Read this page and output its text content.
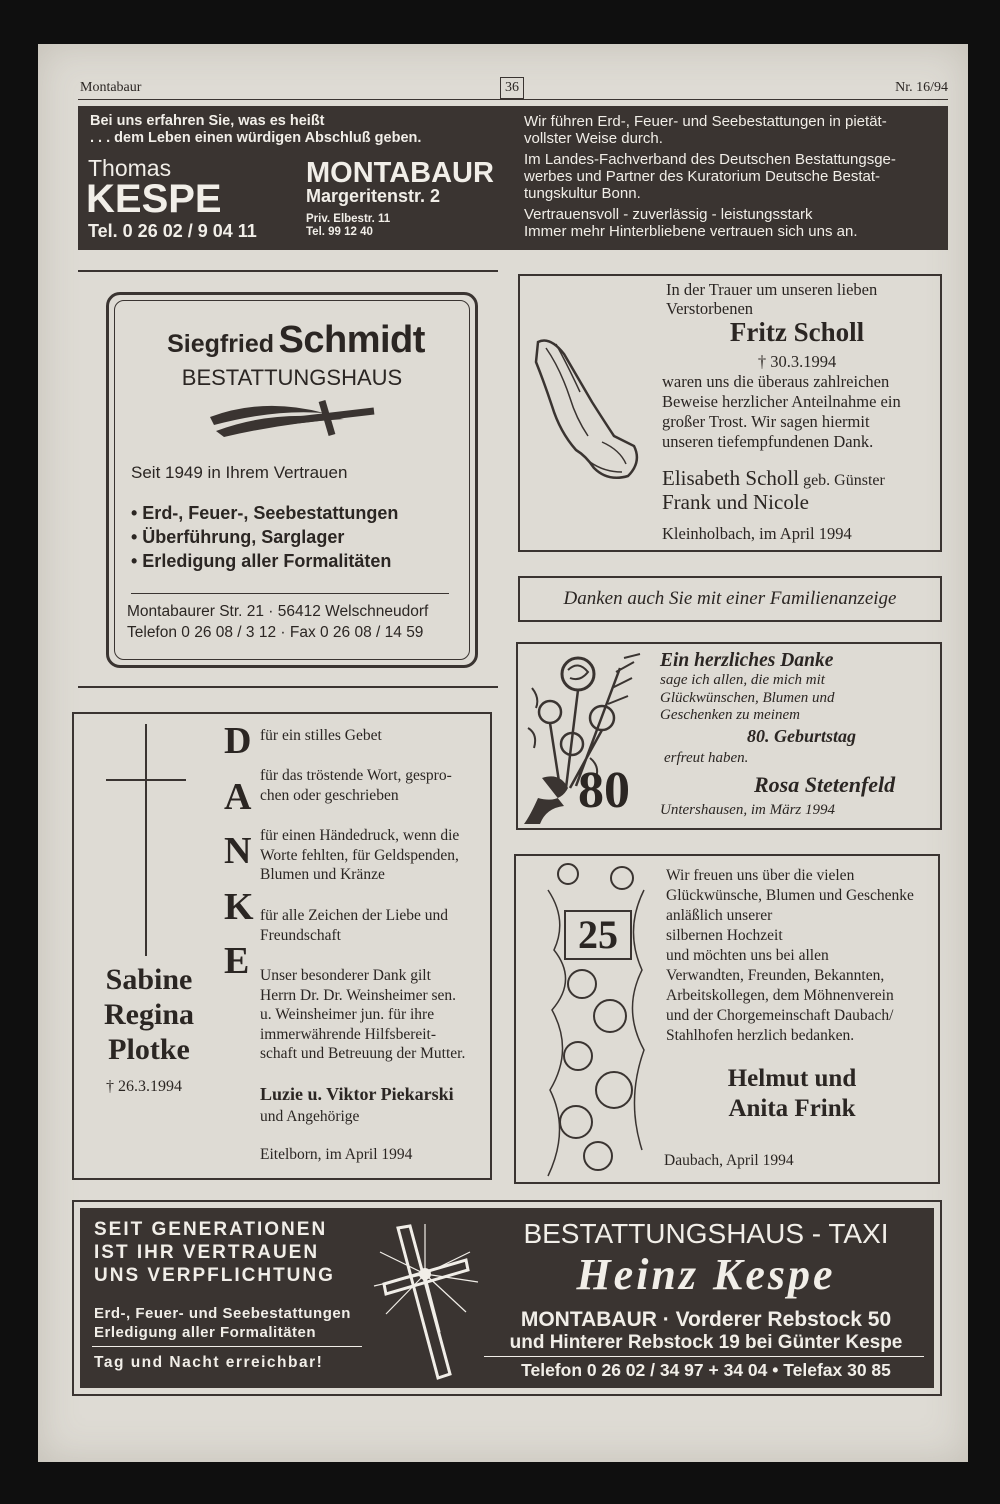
Montabaur	36	Nr. 16/94
Bei uns erfahren Sie, was es heißt
. . . dem Leben einen würdigen Abschluß geben.
Thomas
KESPE
Tel. 0 26 02 / 9 04 11
MONTABAUR
Margeritenstr. 2
Priv. Elbestr. 11
Tel. 99 12 40
Wir führen Erd-, Feuer- und Seebestattungen in pietät-
vollster Weise durch.
Im Landes-Fachverband des Deutschen Bestattungsge-
werbes und Partner des Kuratorium Deutsche Bestat-
tungskultur Bonn.
Vertrauensvoll - zuverlässig - leistungsstark
Immer mehr Hinterbliebene vertrauen sich uns an.
Siegfried Schmidt
BESTATTUNGSHAUS
Seit 1949 in Ihrem Vertrauen
• Erd-, Feuer-, Seebestattungen
• Überführung, Sarglager
• Erledigung aller Formalitäten
Montabaurer Str. 21 · 56412 Welschneudorf
Telefon 0 26 08 / 3 12 · Fax 0 26 08 / 14 59
In der Trauer um unseren lieben
Verstorbenen
Fritz Scholl
† 30.3.1994
waren uns die überaus zahlreichen
Beweise herzlicher Anteilnahme ein
großer Trost. Wir sagen hiermit
unseren tiefempfundenen Dank.
Elisabeth Scholl geb. Günster
Frank und Nicole
Kleinholbach, im April 1994
Danken auch Sie mit einer Familienanzeige
80
Ein herzliches Danke
sage ich allen, die mich mit
Glückwünschen, Blumen und
Geschenken zu meinem
80. Geburtstag
erfreut haben.
Rosa Stetenfeld
Untershausen, im März 1994
Sabine
Regina
Plotke
† 26.3.1994
D
A
N
K
E
für ein stilles Gebet
für das tröstende Wort, gespro-
chen oder geschrieben
für einen Händedruck, wenn die
Worte fehlten, für Geldspenden,
Blumen und Kränze
für alle Zeichen der Liebe und
Freundschaft
Unser besonderer Dank gilt
Herrn Dr. Dr. Weinsheimer sen.
u. Weinsheimer jun. für ihre
immerwährende Hilfsbereit-
schaft und Betreuung der Mutter.
Luzie u. Viktor Piekarski
und Angehörige
Eitelborn, im April 1994
25
Wir freuen uns über die vielen
Glückwünsche, Blumen und Geschenke
anläßlich unserer
silbernen Hochzeit
und möchten uns bei allen
Verwandten, Freunden, Bekannten,
Arbeitskollegen, dem Möhnenverein
und der Chorgemeinschaft Daubach/
Stahlhofen herzlich bedanken.
Helmut und
Anita Frink
Daubach, April 1994
SEIT GENERATIONEN
IST IHR VERTRAUEN
UNS VERPFLICHTUNG
Erd-, Feuer- und Seebestattungen
Erledigung aller Formalitäten
Tag und Nacht erreichbar!
BESTATTUNGSHAUS - TAXI
Heinz Kespe
MONTABAUR · Vorderer Rebstock 50
und Hinterer Rebstock 19 bei Günter Kespe
Telefon 0 26 02 / 34 97 + 34 04 • Telefax 30 85
